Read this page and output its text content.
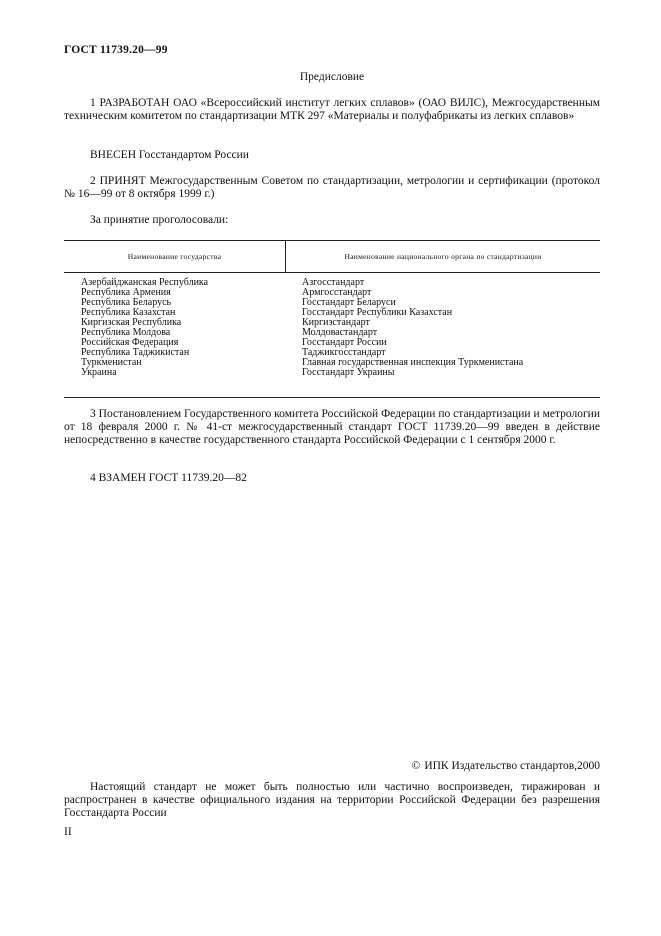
ГОСТ 11739.20—99
Предисловие

1 РАЗРАБОТАН ОАО «Всероссийский институт легких сплавов» (ОАО ВИЛС), Межгосударственным техническим комитетом по стандартизации МТК 297 «Материалы и полуфабрикаты из легких сплавов»

ВНЕСЕН Госстандартом России

2 ПРИНЯТ Межгосударственным Советом по стандартизации, метрологии и сертификации (протокол № 16—99 от 8 октября 1999 г.)

За принятие проголосовали:

Наименование государства	Наименование национального органа по стандартизации
Азербайджанская Республика
Республика Армения
Республика Беларусь
Республика Казахстан
Киргизская Республика
Республика Молдова
Российская Федерация
Республика Таджикистан
Туркменистан
Украина
Азгосстандарт
Армгосстандарт
Госстандарт Беларуси
Госстандарт Республики Казахстан
Киргизстандарт
Молдовастандарт
Госстандарт России
Таджикгосстандарт
Главная государственная инспекция Туркменистана
Госстандарт Украины

3 Постановлением Государственного комитета Российской Федерации по стандартизации и метрологии от 18 февраля 2000 г. № 41-ст межгосударственный стандарт ГОСТ 11739.20—99 введен в действие непосредственно в качестве государственного стандарта Российской Федерации с 1 сентября 2000 г.

4 ВЗАМЕН ГОСТ 11739.20—82

© ИПК Издательство стандартов,2000

Настоящий стандарт не может быть полностью или частично воспроизведен, тиражирован и распространен в качестве официального издания на территории Российской Федерации без разрешения Госстандарта России

II
